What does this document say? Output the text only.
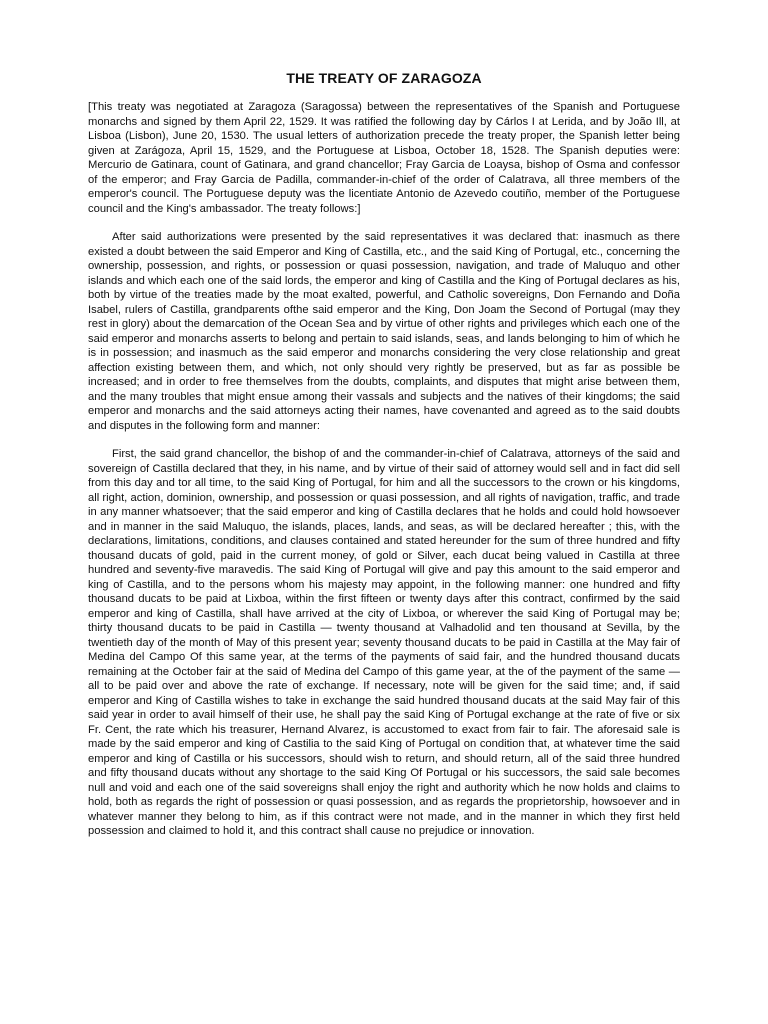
THE TREATY OF ZARAGOZA

[This treaty was negotiated at Zaragoza (Saragossa) between the representatives of the Spanish and Portuguese monarchs and signed by them April 22, 1529. It was ratified the following day by Cárlos I at Lerida, and by João Ill, at Lisboa (Lisbon), June 20, 1530. The usual letters of authorization precede the treaty proper, the Spanish letter being given at Zarágoza, April 15, 1529, and the Portuguese at Lisboa, October 18, 1528. The Spanish deputies were: Mercurio de Gatinara, count of Gatinara, and grand chancellor; Fray Garcia de Loaysa, bishop of Osma and confessor of the emperor; and Fray Garcia de Padilla, commander-in-chief of the order of Calatrava, all three members of the emperor's council. The Portuguese deputy was the licentiate Antonio de Azevedo coutiño, member of the Portuguese council and the King's ambassador. The treaty follows:]

After said authorizations were presented by the said representatives it was declared that: inasmuch as there existed a doubt between the said Emperor and King of Castilla, etc., and the said King of Portugal, etc., concerning the ownership, possession, and rights, or possession or quasi possession, navigation, and trade of Maluquo and other islands and which each one of the said lords, the emperor and king of Castilla and the King of Portugal declares as his, both by virtue of the treaties made by the moat exalted, powerful, and Catholic sovereigns, Don Fernando and Doña Isabel, rulers of Castilla, grandparents ofthe said emperor and the King, Don Joam the Second of Portugal (may they rest in glory) about the demarcation of the Ocean Sea and by virtue of other rights and privileges which each one of the said emperor and monarchs asserts to belong and pertain to said islands, seas, and lands belonging to him of which he is in possession; and inasmuch as the said emperor and monarchs considering the very close relationship and great affection existing between them, and which, not only should very rightly be preserved, but as far as possible be increased; and in order to free themselves from the doubts, complaints, and disputes that might arise between them, and the many troubles that might ensue among their vassals and subjects and the natives of their kingdoms; the said emperor and monarchs and the said attorneys acting their names, have covenanted and agreed as to the said doubts and disputes in the following form and manner:

First, the said grand chancellor, the bishop of and the commander-in-chief of Calatrava, attorneys of the said and sovereign of Castilla declared that they, in his name, and by virtue of their said of attorney would sell and in fact did sell from this day and tor all time, to the said King of Portugal, for him and all the successors to the crown or his kingdoms, all right, action, dominion, ownership, and possession or quasi possession, and all rights of navigation, traffic, and trade in any manner whatsoever; that the said emperor and king of Castilla declares that he holds and could hold howsoever and in manner in the said Maluquo, the islands, places, lands, and seas, as will be declared hereafter ; this, with the declarations, limitations, conditions, and clauses contained and stated hereunder for the sum of three hundred and fifty thousand ducats of gold, paid in the current money, of gold or Silver, each ducat being valued in Castilla at three hundred and seventy-five maravedis. The said King of Portugal will give and pay this amount to the said emperor and king of Castilla, and to the persons whom his majesty may appoint, in the following manner: one hundred and fifty thousand ducats to be paid at Lixboa, within the first fifteen or twenty days after this contract, confirmed by the said emperor and king of Castilla, shall have arrived at the city of Lixboa, or wherever the said King of Portugal may be; thirty thousand ducats to be paid in Castilla — twenty thousand at Valhadolid and ten thousand at Sevilla, by the twentieth day of the month of May of this present year; seventy thousand ducats to be paid in Castilla at the May fair of Medina del Campo Of this same year, at the terms of the payments of said fair, and the hundred thousand ducats remaining at the October fair at the said of Medina del Campo of this game year, at the of the payment of the same — all to be paid over and above the rate of exchange. If necessary, note will be given for the said time; and, if said emperor and King of Castilla wishes to take in exchange the said hundred thousand ducats at the said May fair of this said year in order to avail himself of their use, he shall pay the said King of Portugal exchange at the rate of five or six Fr. Cent, the rate which his treasurer, Hernand Alvarez, is accustomed to exact from fair to fair. The aforesaid sale is made by the said emperor and king of Castilia to the said King of Portugal on condition that, at whatever time the said emperor and king of Castilla or his successors, should wish to return, and should return, all of the said three hundred and fifty thousand ducats without any shortage to the said King Of Portugal or his successors, the said sale becomes null and void and each one of the said sovereigns shall enjoy the right and authority which he now holds and claims to hold, both as regards the right of possession or quasi possession, and as regards the proprietorship, howsoever and in whatever manner they belong to him, as if this contract were not made, and in the manner in which they first held possession and claimed to hold it, and this contract shall cause no prejudice or innovation.
